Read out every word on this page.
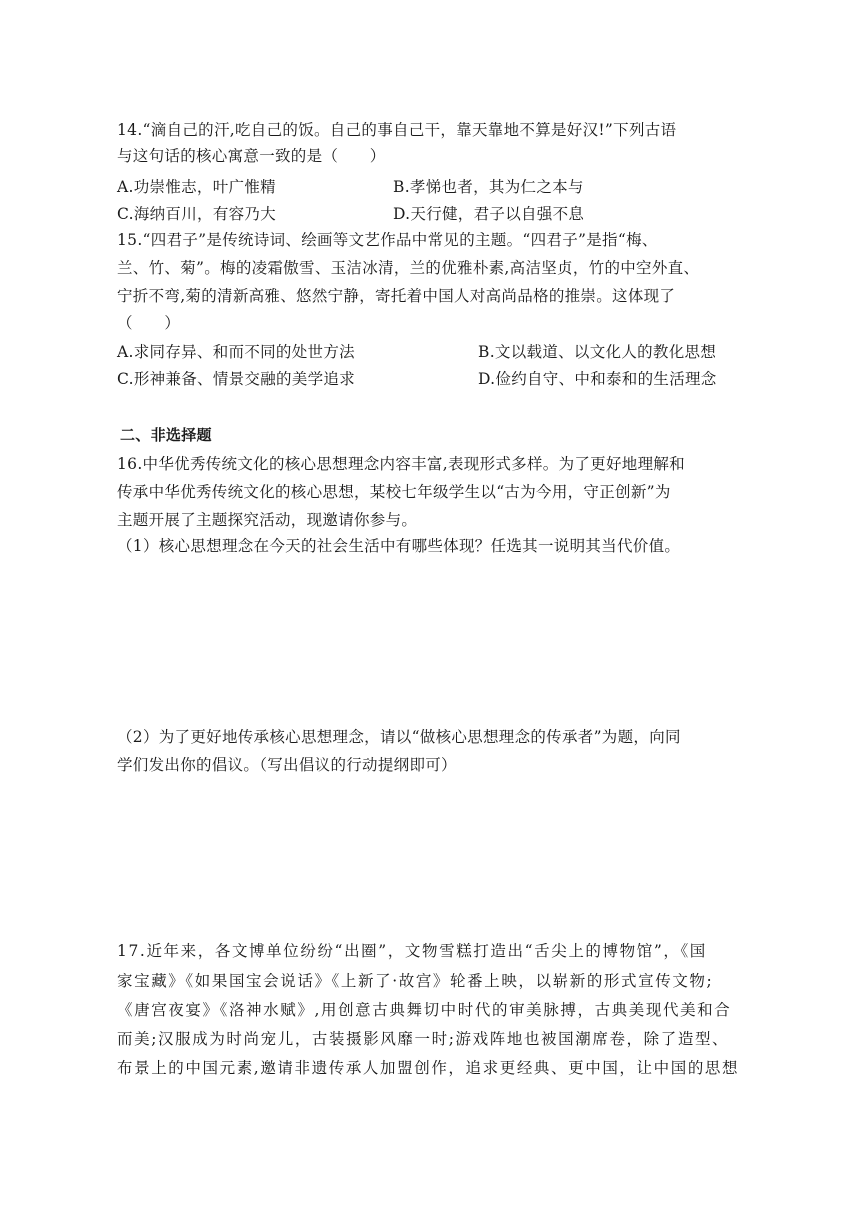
14.“滴自己的汗,吃自己的饭。自己的事自己干，靠天靠地不算是好汉!”下列古语
与这句话的核心寓意一致的是（　　）
A.功崇惟志，叶广惟精	B.孝悌也者，其为仁之本与
C.海纳百川，有容乃大	D.天行健，君子以自强不息
15.“四君子”是传统诗词、绘画等文艺作品中常见的主题。“四君子”是指“梅、
兰、竹、菊”。梅的凌霜傲雪、玉洁冰清，兰的优雅朴素,高洁坚贞，竹的中空外直、
宁折不弯,菊的清新高雅、悠然宁静，寄托着中国人对高尚品格的推崇。这体现了
（　　）
A.求同存异、和而不同的处世方法	B.文以载道、以文化人的教化思想
C.形神兼备、情景交融的美学追求	D.俭约自守、中和泰和的生活理念
二、非选择题
16.中华优秀传统文化的核心思想理念内容丰富,表现形式多样。为了更好地理解和
传承中华优秀传统文化的核心思想，某校七年级学生以“古为今用，守正创新”为
主题开展了主题探究活动，现邀请你参与。
（1）核心思想理念在今天的社会生活中有哪些体现？任选其一说明其当代价值。
（2）为了更好地传承核心思想理念，请以“做核心思想理念的传承者”为题，向同
学们发出你的倡议。（写出倡议的行动提纲即可）
17.近年来，各文博单位纷纷“出圈”，文物雪糕打造出“舌尖上的博物馆”，《国
家宝藏》《如果国宝会说话》《上新了·故宫》轮番上映，以崭新的形式宣传文物;
《唐宫夜宴》《洛神水赋》,用创意古典舞切中时代的审美脉搏，古典美现代美和合
而美;汉服成为时尚宠儿，古装摄影风靡一时;游戏阵地也被国潮席卷，除了造型、
布景上的中国元素,邀请非遗传承人加盟创作，追求更经典、更中国，让中国的思想
